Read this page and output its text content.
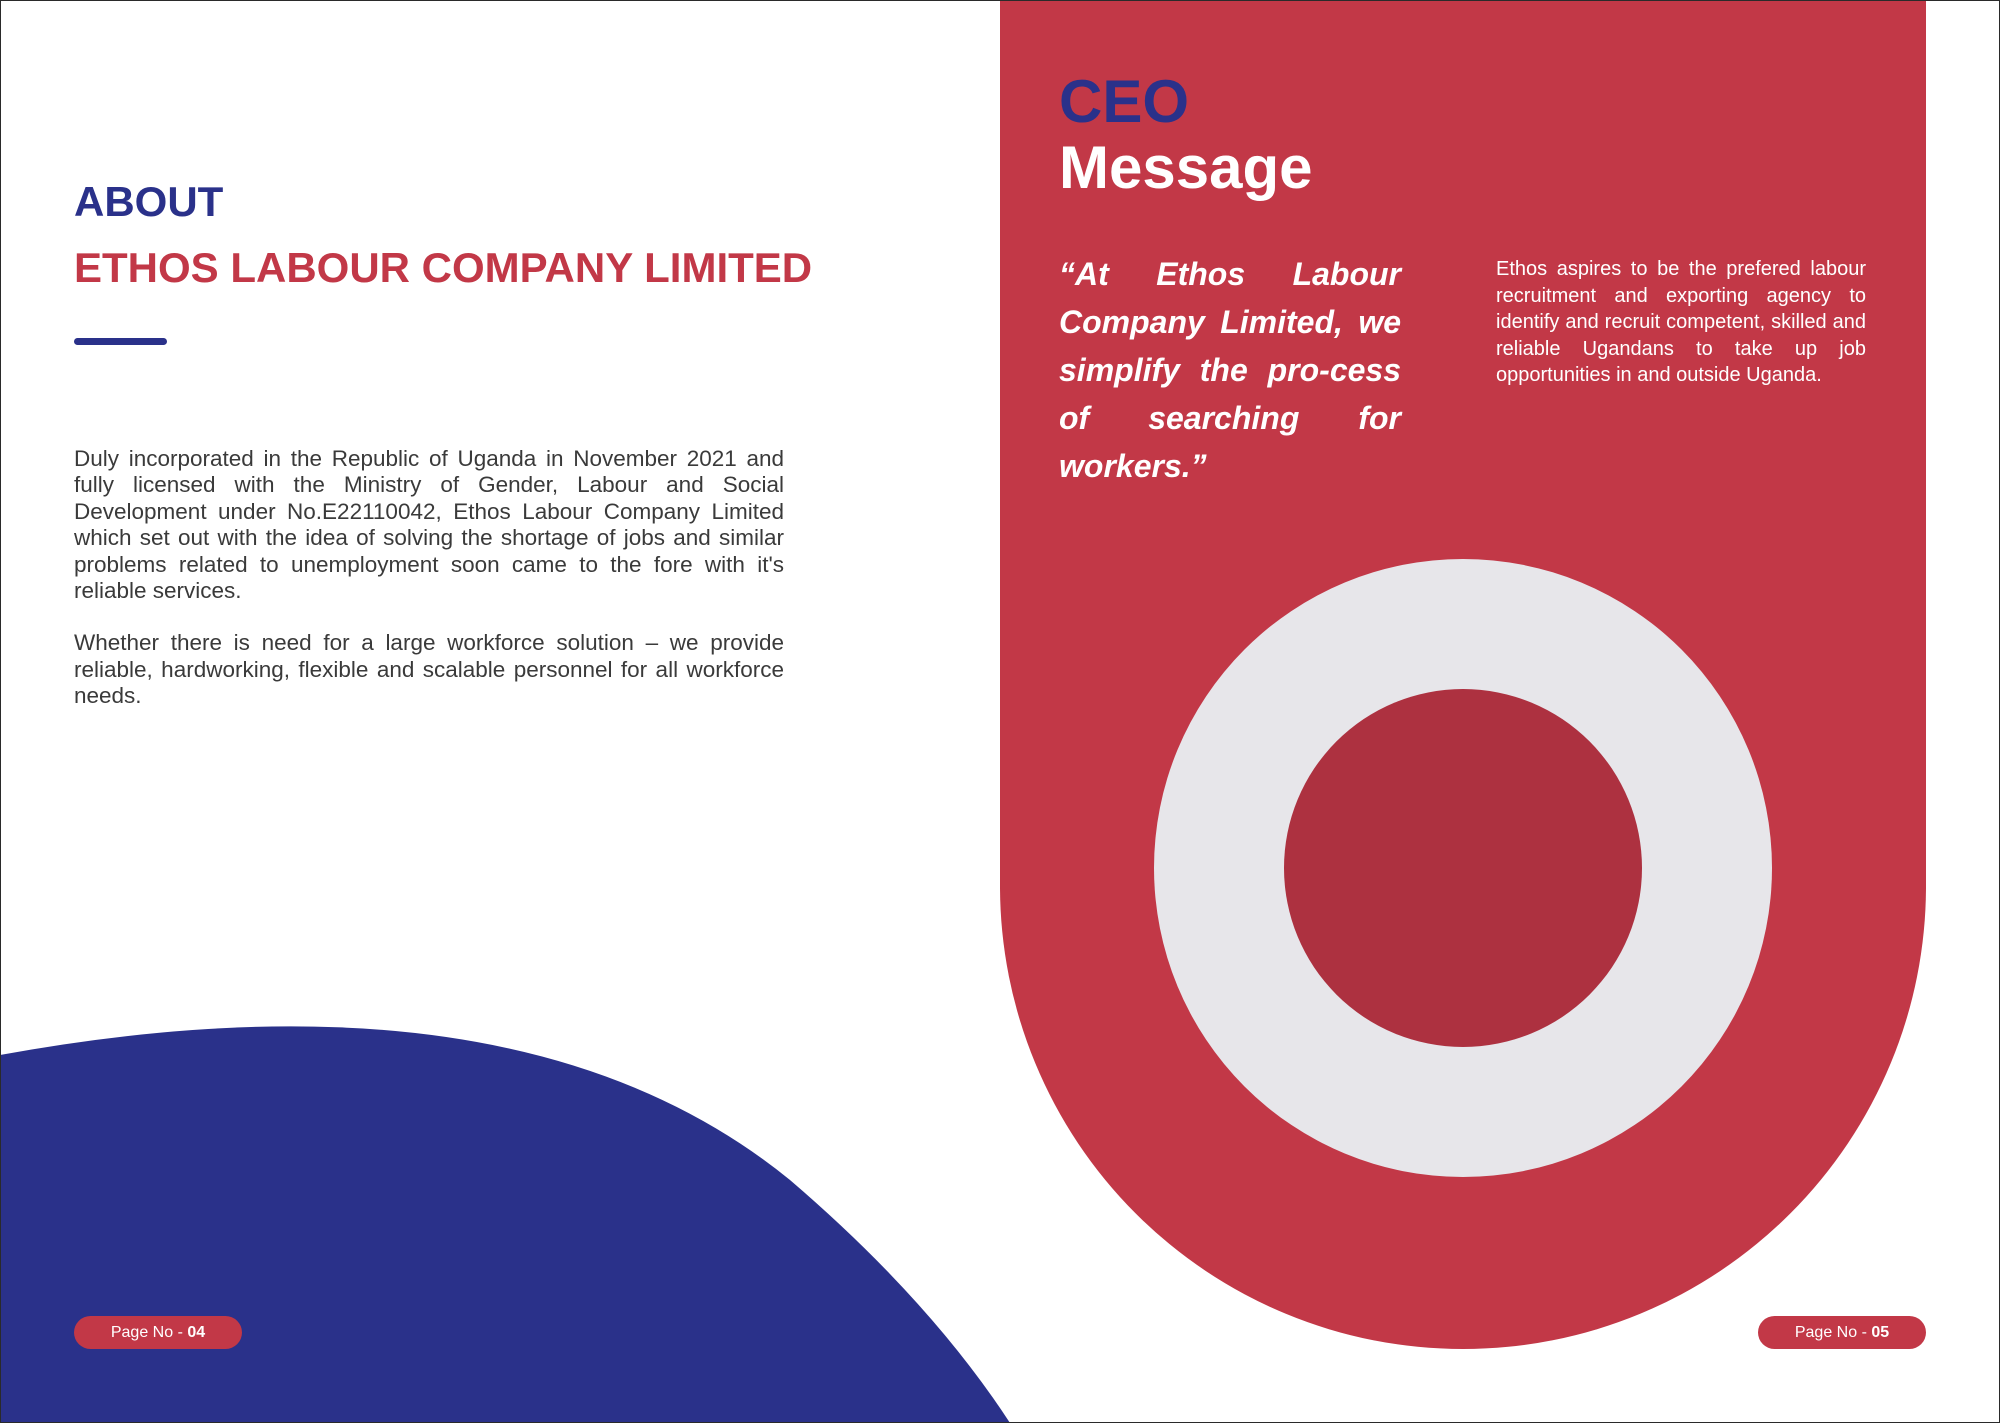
ABOUT
ETHOS LABOUR COMPANY LIMITED

Duly incorporated in the Republic of Uganda in November 2021 and fully licensed with the Ministry of Gender, Labour and Social Development under No.E22110042, Ethos Labour Company Limited which set out with the idea of solving the shortage of jobs and similar problems related to unemployment soon came to the fore with it's reliable services.

Whether there is need for a large workforce solution – we provide reliable, hardworking, flexible and scalable personnel for all workforce needs.

Page No - 04
CEO
Message
“At Ethos Labour Company Limited, we simplify the pro-cess of searching for workers.”
Ethos aspires to be the prefered labour recruitment and exporting agency to identify and recruit competent, skilled and reliable Ugandans to take up job opportunities in and outside Uganda.
Page No - 05
